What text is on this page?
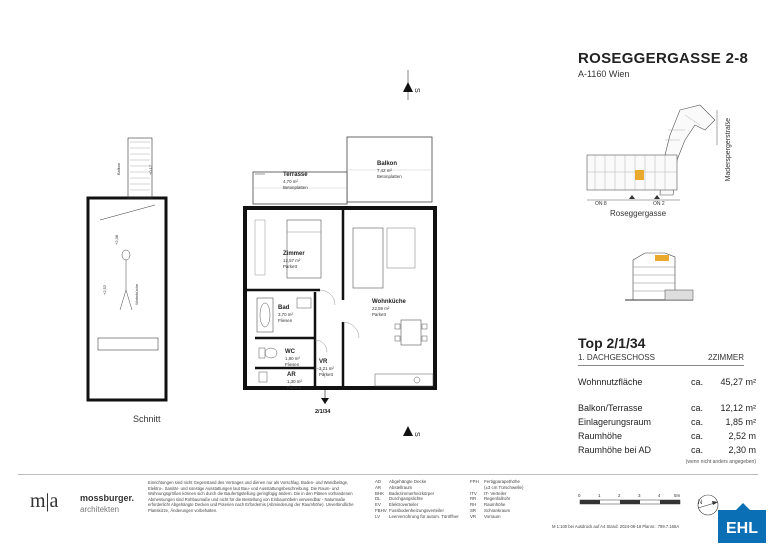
ROSEGGERGASSE 2-8
A-1160 Wien
ON 8	ON 2
Roseggergasse
Maderspergerstraße
Balkon
Wohnküche
+2,52
+2,38
+0,17
Schnitt
S
S
2/1/34
Terrasse
4,70 m²
Betonplatten
Balkon
7,42 m²
Betonplatten
Zimmer
12,57 m²
Parkett
Wohnküche
22,59 m²
Parkett
Bad
3,70 m²
Fliesen
WC
1,80 m²
Fliesen	VR
3,21 m²
Parkett
AR
1,30 m²
Fliesen
Top 2/1/34
1. DACHGESCHOSS	2ZIMMER
Wohnnutzfläche	ca. 45,27 m²
Balkon/Terrasse	ca. 12,12 m²
Einlagerungsraum	ca. 1,85 m²
Raumhöhe	ca.	2,52 m
Raumhöhe bei AD	ca.	2,30 m
(wenn nicht anders angegeben)
m|a mossburger.
architekten
Einrichtungen sind nicht Gegenstand des Vertrages und dienen nur als Vorschlag. Boden- und Wandbeläge, Elektro-, Sanitär- und sonstige Ausstattungen laut Bau- und Ausstattungsbeschreibung. Die Raum- und Wohnungsgrößen können sich durch die Baufertigstellung geringfügig ändern. Die in den Plänen vorhandenen Abmessungen sind Rohbaumaße und nicht für die Bestellung von Einbaumöbeln verwendbar - Naturmaße erforderlich! Abgehängte Decken und Poterien nach Erfordernis (Abminderung der Raumhöhe). Unverbindliche Planskizze, Änderungen vorbehalten.
AD Abgehängte Decke
AR Abstellraum
BHK Badezimmerheizkörper
DL Durchgangslichte
EV Elektroverteiler
FBHV Fussbodenheizungsverteiler
LV Leerverrohrung für autom. Türöffner
FPH Fertigparapethöhe
(±3 cm Türschwelle)
ITV IT- Verteiler
RR Regenfallrohr
RH Raumhöhe
SR Schrankraum
VR Vorraum
0	1	2	3	4	5m
M 1:100 bei Ausdruck auf A4 Stand: 2024-06-18 Plannr.: 799.7.168A
N
EHL
